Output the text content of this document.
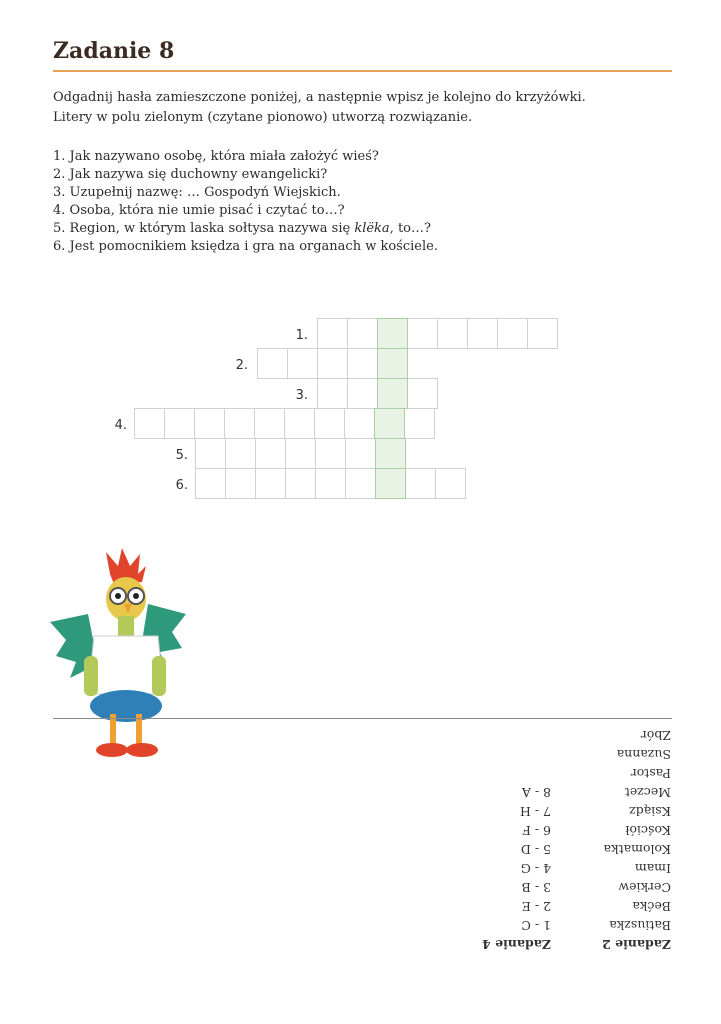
Zadanie 8

Odgadnij hasła zamieszczone poniżej, a następnie wpisz je kolejno do krzyżówki.
Litery w polu zielonym (czytane pionowo) utworzą rozwiązanie.

1. Jak nazywano osobę, która miała założyć wieś?
2. Jak nazywa się duchowny ewangelicki?
3. Uzupełnij nazwę: … Gospodyń Wiejskich.
4. Osoba, która nie umie pisać i czytać to…?
5. Region, w którym laska sołtysa nazywa się klëka, to…?
6. Jest pomocnikiem księdza i gra na organach w kościele.
1.
2.
3.
4.
5.
6.
Zadanie 2
Batiuszka
Bećka
Cerkiew
Imam
Kolomatka
Kościół
Ksiądz
Meczet
Pastor
Suzanna
Zbór
Zadanie 4
1 - C
2 - E
3 - B
4 - G
5 - D
6 - F
7 - H
8 - A
